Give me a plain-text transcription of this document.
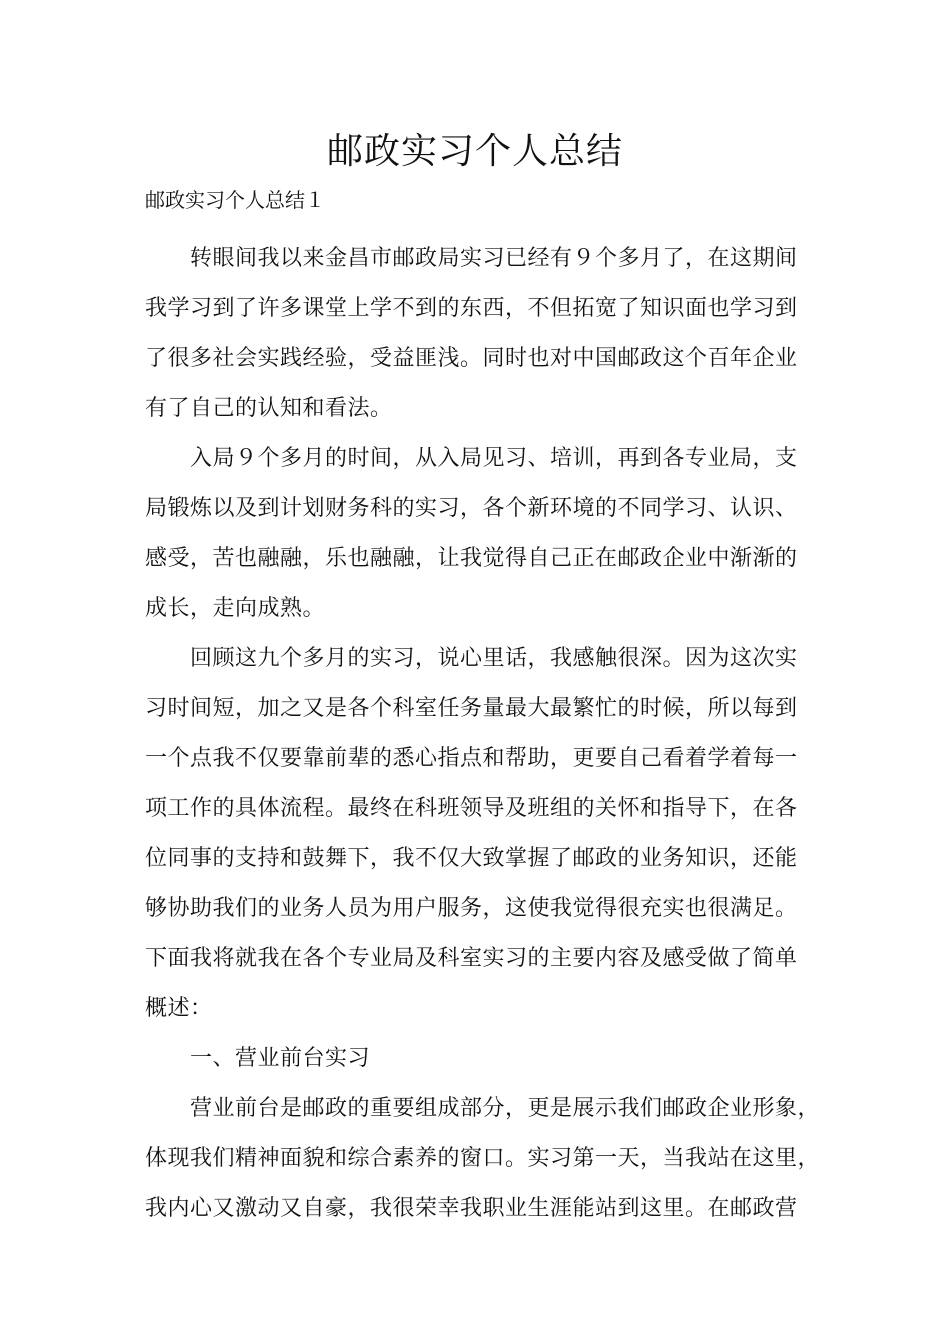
邮政实习个人总结

邮政实习个人总结１

转眼间我以来金昌市邮政局实习已经有９个多月了，在这期间
我学习到了许多课堂上学不到的东西，不但拓宽了知识面也学习到
了很多社会实践经验，受益匪浅。同时也对中国邮政这个百年企业
有了自己的认知和看法。
入局９个多月的时间，从入局见习、培训，再到各专业局，支
局锻炼以及到计划财务科的实习，各个新环境的不同学习、认识、
感受，苦也融融，乐也融融，让我觉得自己正在邮政企业中渐渐的
成长，走向成熟。
回顾这九个多月的实习，说心里话，我感触很深。因为这次实
习时间短，加之又是各个科室任务量最大最繁忙的时候，所以每到
一个点我不仅要靠前辈的悉心指点和帮助，更要自己看着学着每一
项工作的具体流程。最终在科班领导及班组的关怀和指导下，在各
位同事的支持和鼓舞下，我不仅大致掌握了邮政的业务知识，还能
够协助我们的业务人员为用户服务，这使我觉得很充实也很满足。
下面我将就我在各个专业局及科室实习的主要内容及感受做了简单
概述：
一、营业前台实习
营业前台是邮政的重要组成部分，更是展示我们邮政企业形象，
体现我们精神面貌和综合素养的窗口。实习第一天，当我站在这里，
我内心又激动又自豪，我很荣幸我职业生涯能站到这里。在邮政营
